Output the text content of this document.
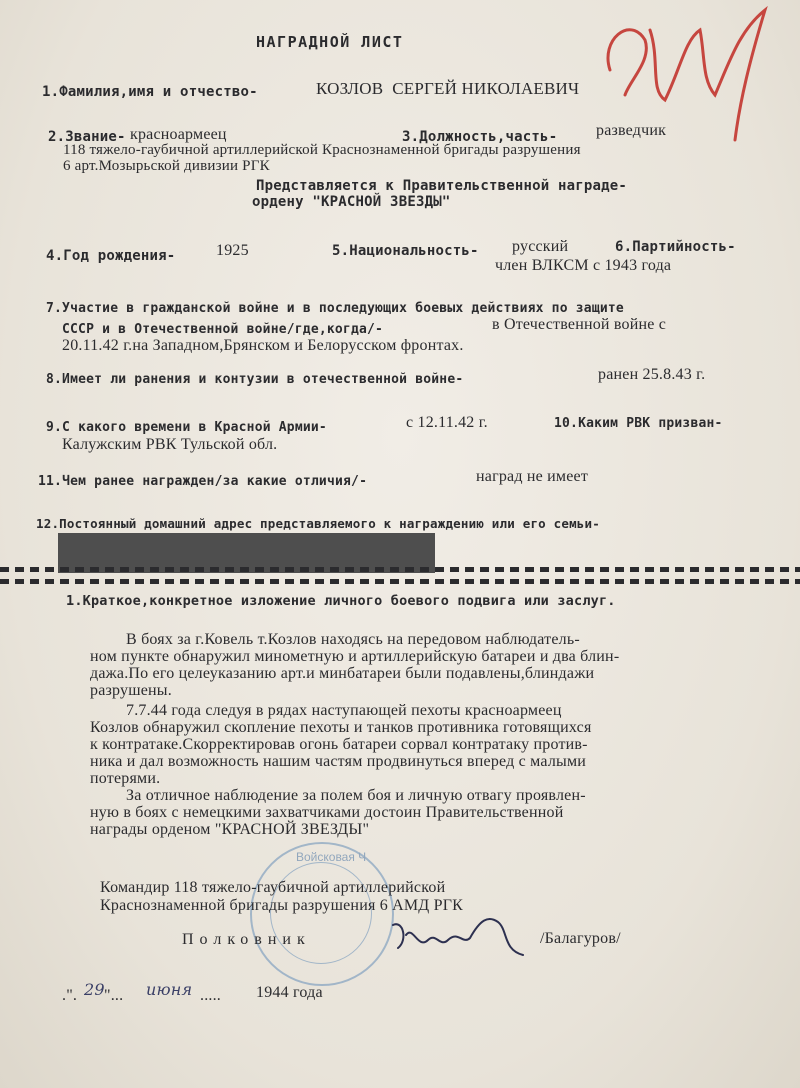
НАГРАДНОЙ ЛИСТ
1.Фамилия,имя и отчество-	КОЗЛОВ  СЕРГЕЙ НИКОЛАЕВИЧ
2.Звание- красноармеец	3.Должность,часть- разведчик
118 тяжело-гаубичной артиллерийской Краснознаменной бригады разрушения
6 арт.Мозырьской дивизии РГК
Представляется к Правительственной награде-
ордену "КРАСНОЙ ЗВЕЗДЫ"
4.Год рождения-	1925	5.Национальность- русский	6.Партийность-
член ВЛКСМ с 1943 года
7.Участие в гражданской войне и в последующих боевых действиях по защите
СССР и в Отечественной войне/где,когда/-	в Отечественной войне с
20.11.42 г.на Западном,Брянском и Белорусском фронтах.
8.Имеет ли ранения и контузии в отечественной войне-	ранен 25.8.43 г.
9.С какого времени в Красной Армии-	с 12.11.42 г.	10.Каким РВК призван-
Калужским РВК Тульской обл.
11.Чем ранее награжден/за какие отличия/-	наград не имеет
12.Постоянный домашний адрес представляемого к награждению или его семьи-
1.Краткое,конкретное изложение личного боевого подвига или заслуг.
В боях за г.Ковель т.Козлов находясь на передовом наблюдатель-
ном пункте обнаружил минометную и артиллерийскую батареи и два блин-
дажа.По его целеуказанию арт.и минбатареи были подавлены,блиндажи
разрушены.
7.7.44 года следуя в рядах наступающей пехоты красноармеец
Козлов обнаружил скопление пехоты и танков противника готовящихся
к контратаке.Скорректировав огонь батареи сорвал контратаку против-
ника и дал возможность нашим частям продвинуться вперед с малыми
потерями.
За отличное наблюдение за полем боя и личную отвагу проявлен-
ную в боях с немецкими захватчиками достоин Правительственной
награды орденом "КРАСНОЙ ЗВЕЗДЫ"
Войсковая Ч
Командир 118 тяжело-гаубичной артиллерийской
Краснознаменной бригады разрушения 6 АМД РГК
Полковник	/Балагуров/
.". 29 "... июня ..... 1944 года
